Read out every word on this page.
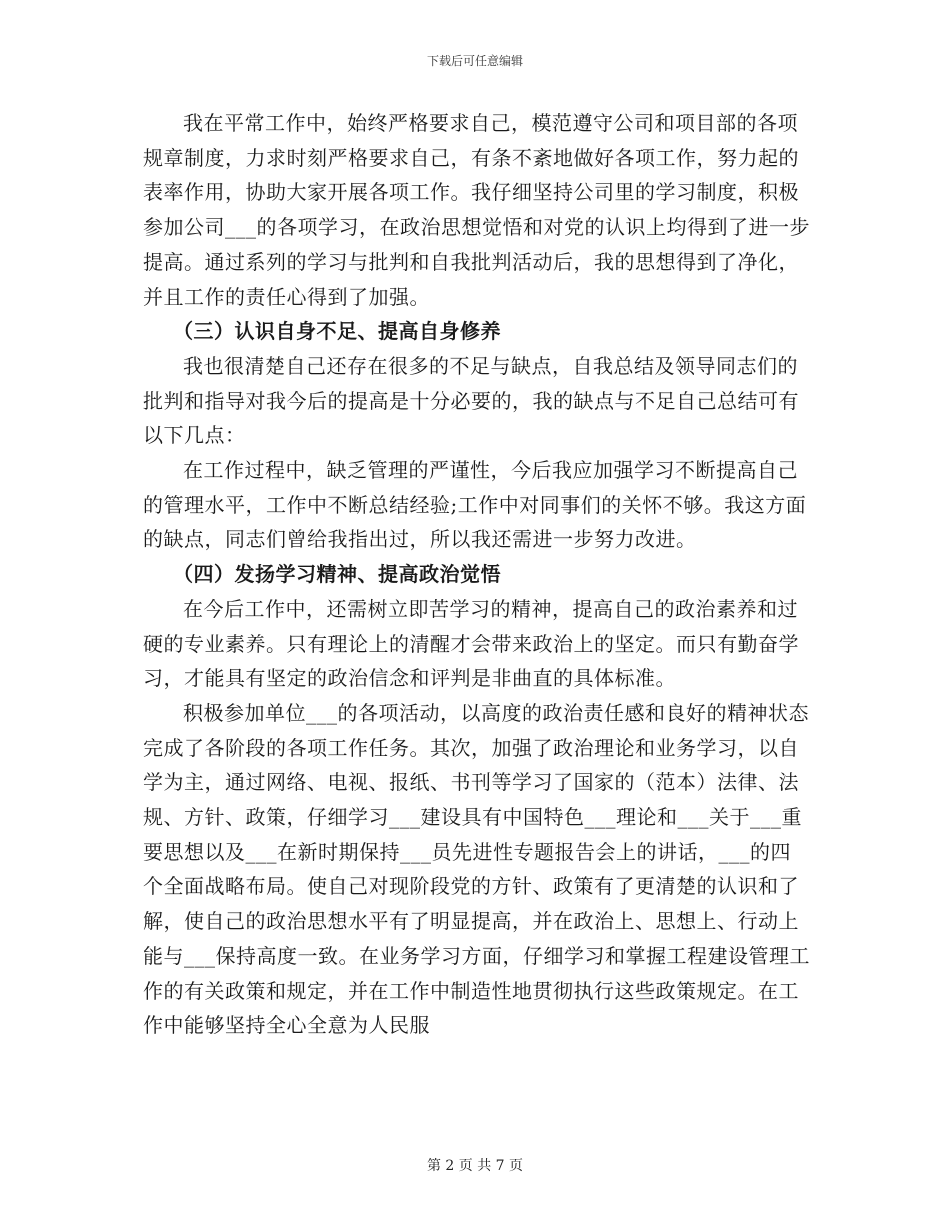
下载后可任意编辑

我在平常工作中，始终严格要求自己，模范遵守公司和项目部的各项规章制度，力求时刻严格要求自己，有条不紊地做好各项工作，努力起的表率作用，协助大家开展各项工作。我仔细坚持公司里的学习制度，积极参加公司___的各项学习，在政治思想觉悟和对党的认识上均得到了进一步提高。通过系列的学习与批判和自我批判活动后，我的思想得到了净化，并且工作的责任心得到了加强。

（三）认识自身不足、提高自身修养

我也很清楚自己还存在很多的不足与缺点，自我总结及领导同志们的批判和指导对我今后的提高是十分必要的，我的缺点与不足自己总结可有以下几点：

在工作过程中，缺乏管理的严谨性，今后我应加强学习不断提高自己的管理水平，工作中不断总结经验;工作中对同事们的关怀不够。我这方面的缺点，同志们曾给我指出过，所以我还需进一步努力改进。

（四）发扬学习精神、提高政治觉悟

在今后工作中，还需树立即苦学习的精神，提高自己的政治素养和过硬的专业素养。只有理论上的清醒才会带来政治上的坚定。而只有勤奋学习，才能具有坚定的政治信念和评判是非曲直的具体标准。

积极参加单位___的各项活动，以高度的政治责任感和良好的精神状态完成了各阶段的各项工作任务。其次，加强了政治理论和业务学习，以自学为主，通过网络、电视、报纸、书刊等学习了国家的（范本）法律、法规、方针、政策，仔细学习___建设具有中国特色___理论和___关于___重要思想以及___在新时期保持___员先进性专题报告会上的讲话，___的四个全面战略布局。使自己对现阶段党的方针、政策有了更清楚的认识和了解，使自己的政治思想水平有了明显提高，并在政治上、思想上、行动上能与___保持高度一致。在业务学习方面，仔细学习和掌握工程建设管理工作的有关政策和规定，并在工作中制造性地贯彻执行这些政策规定。在工作中能够坚持全心全意为人民服

第 2 页 共 7 页
